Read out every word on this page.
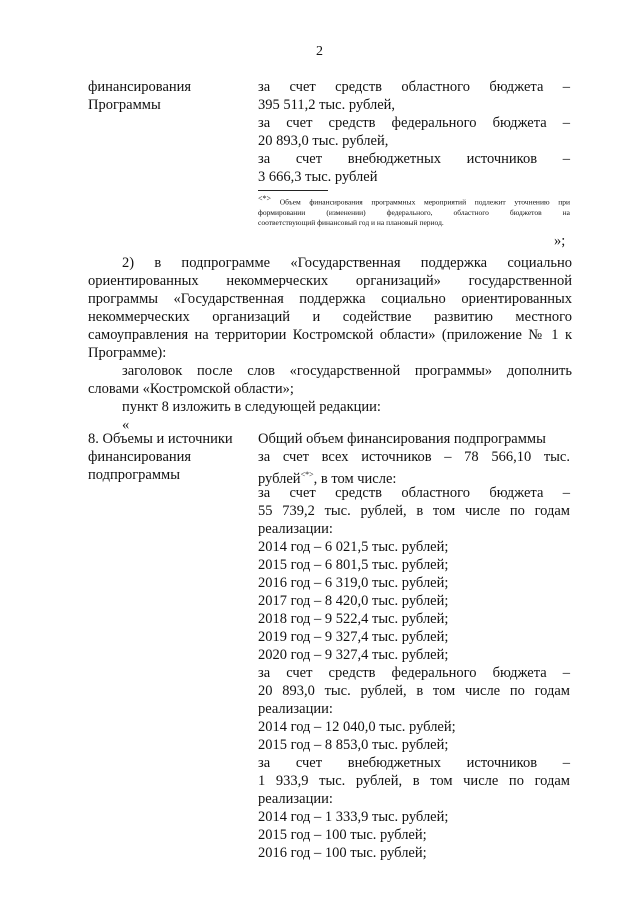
2
финансирования
Программы
за счет средств областного бюджета –
395 511,2 тыс. рублей,
за счет средств федерального бюджета –
20 893,0 тыс. рублей,
за счет внебюджетных источников –
3 666,3 тыс. рублей
<*> Объем финансирования программных мероприятий подлежит уточнению при
формировании (изменении) федерального, областного бюджетов на
соответствующий финансовый год и на плановый период.
»;
2) в подпрограмме «Государственная поддержка социально
ориентированных некоммерческих организаций» государственной
программы «Государственная поддержка социально ориентированных
некоммерческих организаций и содействие развитию местного
самоуправления на территории Костромской области» (приложение № 1 к
Программе):
заголовок после слов «государственной программы» дополнить
словами «Костромской области»;
пункт 8 изложить в следующей редакции:
«
8. Объемы и источники
финансирования
подпрограммы
Общий объем финансирования подпрограммы
за счет всех источников – 78 566,10 тыс.
рублей<*>, в том числе:
за счет средств областного бюджета –
55 739,2 тыс. рублей, в том числе по годам
реализации:
2014 год – 6 021,5 тыс. рублей;
2015 год – 6 801,5 тыс. рублей;
2016 год – 6 319,0 тыс. рублей;
2017 год – 8 420,0 тыс. рублей;
2018 год – 9 522,4 тыс. рублей;
2019 год – 9 327,4 тыс. рублей;
2020 год – 9 327,4 тыс. рублей;
за счет средств федерального бюджета –
20 893,0 тыс. рублей, в том числе по годам
реализации:
2014 год – 12 040,0 тыс. рублей;
2015 год – 8 853,0 тыс. рублей;
за счет внебюджетных источников –
1 933,9 тыс. рублей, в том числе по годам
реализации:
2014 год – 1 333,9 тыс. рублей;
2015 год – 100 тыс. рублей;
2016 год – 100 тыс. рублей;
